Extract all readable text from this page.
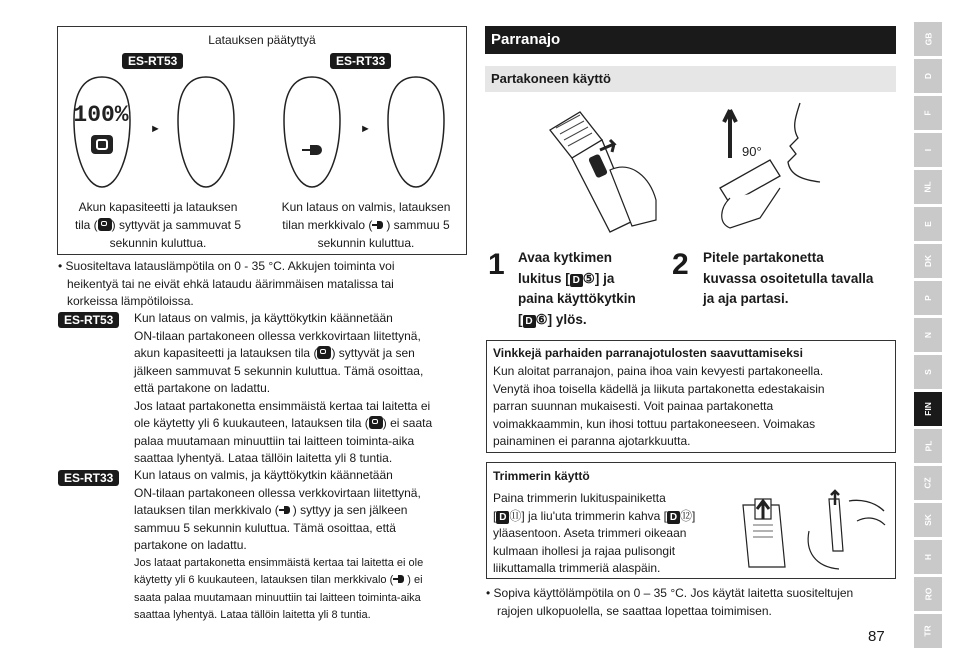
Latauksen päätyttyä
ES-RT53	ES-RT33
100%
►	►
Akun kapasiteetti ja latauksen
tila ( ) syttyvät ja sammuvat 5
sekunnin kuluttua.
Kun lataus on valmis, latauksen
tilan merkkivalo ( ) sammuu 5
sekunnin kuluttua.
• Suositeltava latauslämpötila on 0 - 35 °C. Akkujen toiminta voi
heikentyä tai ne eivät ehkä lataudu äärimmäisen matalissa tai
korkeissa lämpötiloissa.
ES-RT53	Kun lataus on valmis, ja käyttökytkin käännetään
ON-tilaan partakoneen ollessa verkkovirtaan liitettynä,
akun kapasiteetti ja latauksen tila ( ) syttyvät ja sen
jälkeen sammuvat 5 sekunnin kuluttua. Tämä osoittaa,
että partakone on ladattu.
Jos lataat partakonetta ensimmäistä kertaa tai laitetta ei
ole käytetty yli 6 kuukauteen, latauksen tila ( ) ei saata
palaa muutamaan minuuttiin tai laitteen toiminta-aika
saattaa lyhentyä. Lataa tällöin laitetta yli 8 tuntia.
ES-RT33	Kun lataus on valmis, ja käyttökytkin käännetään
ON-tilaan partakoneen ollessa verkkovirtaan liitettynä,
latauksen tilan merkkivalo ( ) syttyy ja sen jälkeen
sammuu 5 sekunnin kuluttua. Tämä osoittaa, että
partakone on ladattu.
Jos lataat partakonetta ensimmäistä kertaa tai laitetta ei ole
käytetty yli 6 kuukauteen, latauksen tilan merkkivalo ( ) ei
saata palaa muutamaan minuuttiin tai laitteen toiminta-aika
saattaa lyhentyä. Lataa tällöin laitetta yli 8 tuntia.
Parranajo
Partakoneen käyttö
90°
1 Avaa kytkimen
lukitus [ D ⑤] ja
paina käyttökytkin
[ D ⑥] ylös.
2 Pitele partakonetta
kuvassa osoitetulla tavalla
ja aja partasi.
Vinkkejä parhaiden parranajotulosten saavuttamiseksi
Kun aloitat parranajon, paina ihoa vain kevyesti partakoneella.
Venytä ihoa toisella kädellä ja liikuta partakonetta edestakaisin
parran suunnan mukaisesti. Voit painaa partakonetta
voimakkaammin, kun ihosi tottuu partakoneeseen. Voimakas
painaminen ei paranna ajotarkkuutta.
Trimmerin käyttö
Paina trimmerin lukituspainiketta
[ D ⑪] ja liu'uta trimmerin kahva [ D ⑫]
yläasentoon. Aseta trimmeri oikeaan
kulmaan ihollesi ja rajaa pulisongit
liikuttamalla trimmeriä alaspäin.
• Sopiva käyttölämpötila on 0 – 35 °C. Jos käytät laitetta suositeltujen
rajojen ulkopuolella, se saattaa lopettaa toimimisen.
GB
D
F
I
NL
E
DK
P
N
S
FIN
PL
CZ
SK
H
RO
TR
87
